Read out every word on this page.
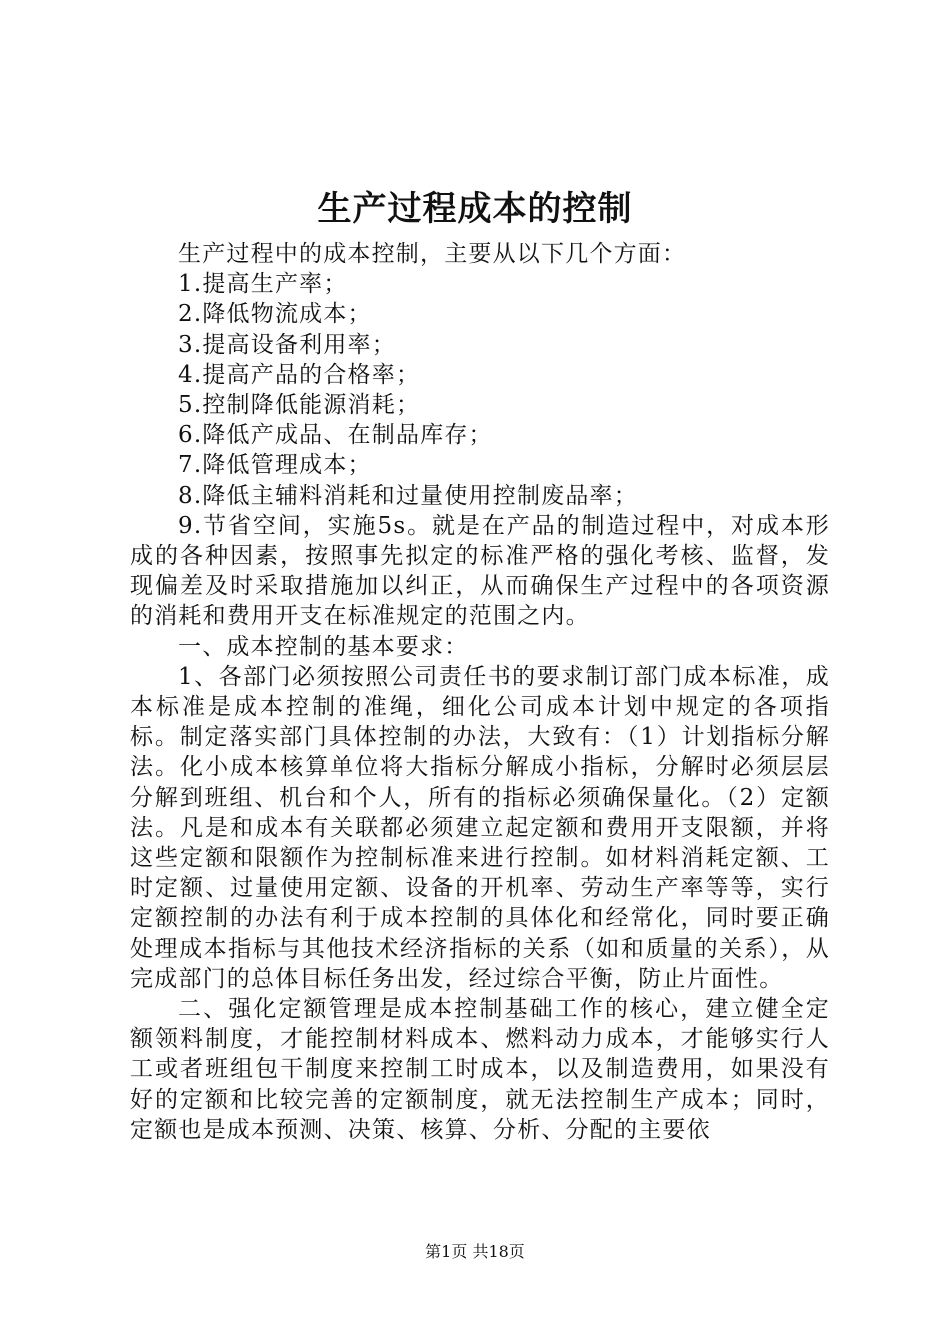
生产过程成本的控制

生产过程中的成本控制，主要从以下几个方面：

1.提高生产率；

2.降低物流成本；

3.提高设备利用率；

4.提高产品的合格率；

5.控制降低能源消耗；

6.降低产成品、在制品库存；

7.降低管理成本；

8.降低主辅料消耗和过量使用控制废品率；

9.节省空间，实施5s。就是在产品的制造过程中，对成本形成的各种因素，按照事先拟定的标准严格的强化考核、监督，发现偏差及时采取措施加以纠正，从而确保生产过程中的各项资源的消耗和费用开支在标准规定的范围之内。

一、成本控制的基本要求：

1、各部门必须按照公司责任书的要求制订部门成本标准，成本标准是成本控制的准绳，细化公司成本计划中规定的各项指标。制定落实部门具体控制的办法，大致有：（1）计划指标分解法。化小成本核算单位将大指标分解成小指标，分解时必须层层分解到班组、机台和个人，所有的指标必须确保量化。（2）定额法。凡是和成本有关联都必须建立起定额和费用开支限额，并将这些定额和限额作为控制标准来进行控制。如材料消耗定额、工时定额、过量使用定额、设备的开机率、劳动生产率等等，实行定额控制的办法有利于成本控制的具体化和经常化，同时要正确处理成本指标与其他技术经济指标的关系（如和质量的关系），从完成部门的总体目标任务出发，经过综合平衡，防止片面性。

二、强化定额管理是成本控制基础工作的核心，建立健全定额领料制度，才能控制材料成本、燃料动力成本，才能够实行人工或者班组包干制度来控制工时成本，以及制造费用，如果没有好的定额和比较完善的定额制度，就无法控制生产成本；同时，定额也是成本预测、决策、核算、分析、分配的主要依

第1页 共18页
